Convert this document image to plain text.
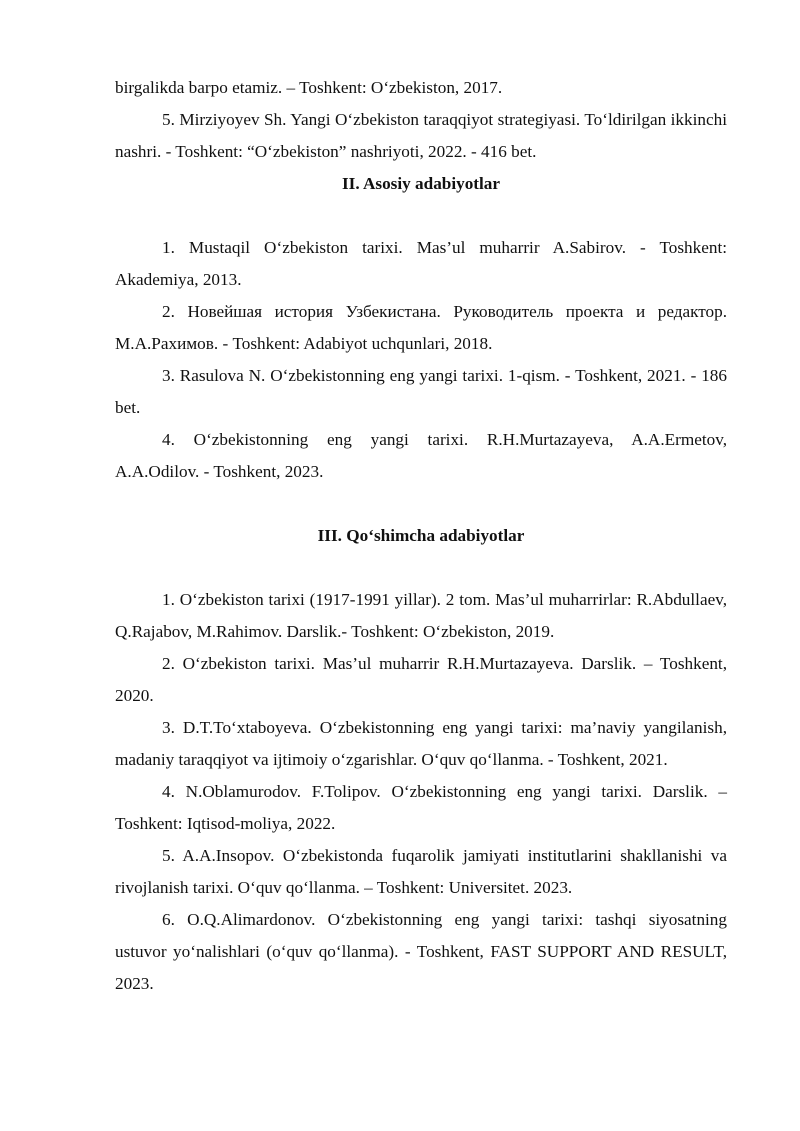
birgalikda barpo etamiz. – Toshkent: O‘zbekiston, 2017.

5. Mirziyoyev Sh. Yangi O‘zbekiston taraqqiyot strategiyasi. To‘ldirilgan ikkinchi nashri. - Toshkent: “O‘zbekiston” nashriyoti, 2022. - 416 bet.

II. Asosiy adabiyotlar

1. Mustaqil O‘zbekiston tarixi. Mas’ul muharrir A.Sabirov. - Toshkent: Akademiya, 2013.

2. Новейшая история Узбекистана. Руководитель проекта и редактор. М.А.Рахимов. - Toshkent: Adabiyot uchqunlari, 2018.

3. Rasulova N. O‘zbekistonning eng yangi tarixi. 1-qism. - Toshkent, 2021. - 186 bet.

4. O‘zbekistonning eng yangi tarixi. R.H.Murtazayeva, A.A.Ermetov, A.A.Odilov. - Toshkent, 2023.

III. Qo‘shimcha adabiyotlar

1. O‘zbekiston tarixi (1917-1991 yillar). 2 tom. Mas’ul muharrirlar: R.Abdullaev, Q.Rajabov, M.Rahimov. Darslik.- Toshkent: O‘zbekiston, 2019.

2. O‘zbekiston tarixi. Mas’ul muharrir R.H.Murtazayeva. Darslik. – Toshkent, 2020.

3. D.T.To‘xtaboyeva. O‘zbekistonning eng yangi tarixi: ma’naviy yangilanish, madaniy taraqqiyot va ijtimoiy o‘zgarishlar. O‘quv qo‘llanma. - Toshkent, 2021.

4. N.Oblamurodov. F.Tolipov. O‘zbekistonning eng yangi tarixi. Darslik. – Toshkent: Iqtisod-moliya, 2022.

5. A.A.Insopov. O‘zbekistonda fuqarolik jamiyati institutlarini shakllanishi va rivojlanish tarixi. O‘quv qo‘llanma. – Toshkent: Universitet. 2023.

6. O.Q.Alimardonov. O‘zbekistonning eng yangi tarixi: tashqi siyosatning ustuvor yo‘nalishlari (o‘quv qo‘llanma). - Toshkent, FAST SUPPORT AND RESULT, 2023.
